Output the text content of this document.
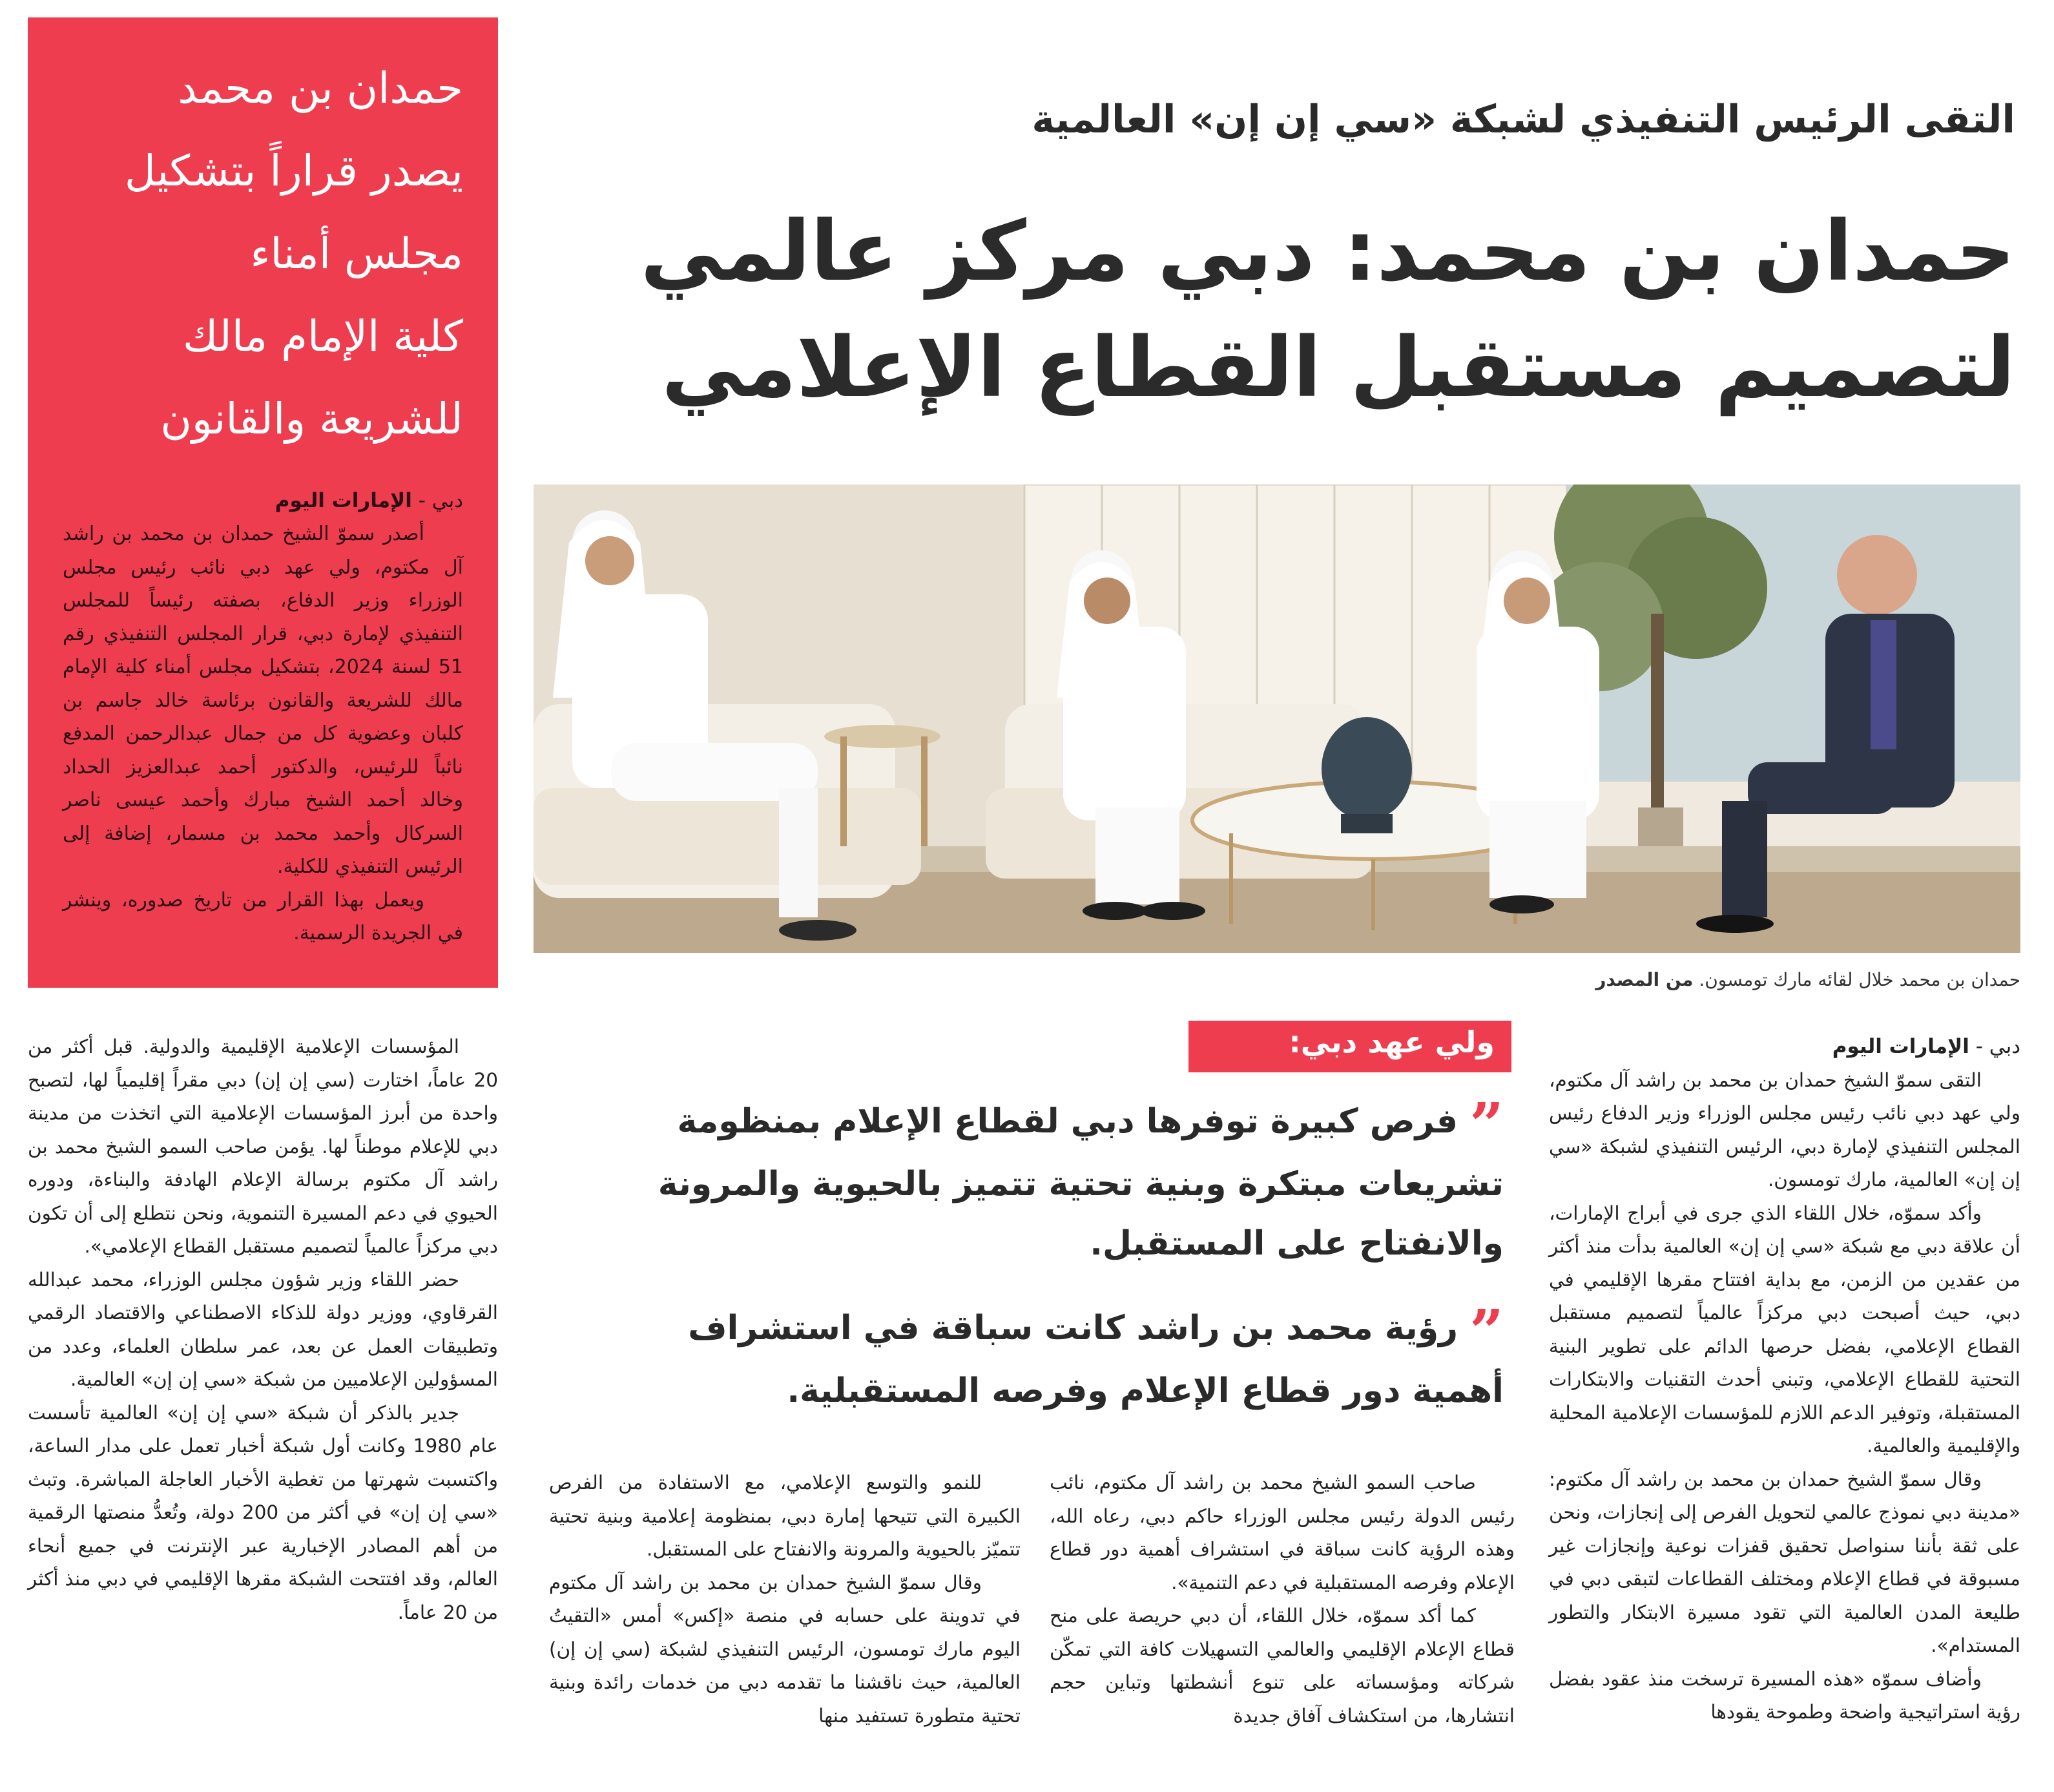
التقى الرئيس التنفيذي لشبكة «سي إن إن» العالمية
حمدان بن محمد: دبي مركز عالمي
لتصميم مستقبل القطاع الإعلامي
حمدان بن محمد
يصدر قراراً بتشكيل
مجلس أمناء
كلية الإمام مالك
للشريعة والقانون
دبي - الإمارات اليوم

أصدر سموّ الشيخ حمدان بن محمد بن راشد آل مكتوم، ولي عهد دبي نائب رئيس مجلس الوزراء وزير الدفاع، بصفته رئيساً للمجلس التنفيذي لإمارة دبي، قرار المجلس التنفيذي رقم 51 لسنة 2024، بتشكيل مجلس أمناء كلية الإمام مالك للشريعة والقانون برئاسة خالد جاسم بن كلبان وعضوية كل من جمال عبدالرحمن المدفع نائباً للرئيس، والدكتور أحمد عبدالعزيز الحداد وخالد أحمد الشيخ مبارك وأحمد عيسى ناصر السركال وأحمد محمد بن مسمار، إضافة إلى الرئيس التنفيذي للكلية.

ويعمل بهذا القرار من تاريخ صدوره، وينشر في الجريدة الرسمية.

حمدان بن محمد خلال لقائه مارك تومسون. من المصدر
ولي عهد دبي:
”فرص كبيرة توفرها دبي لقطاع الإعلام بمنظومة تشريعات مبتكرة وبنية تحتية تتميز بالحيوية والمرونة والانفتاح على المستقبل.
”رؤية محمد بن راشد كانت سباقة في استشراف أهمية دور قطاع الإعلام وفرصه المستقبلية.
دبي - الإمارات اليوم

التقى سموّ الشيخ حمدان بن محمد بن راشد آل مكتوم، ولي عهد دبي نائب رئيس مجلس الوزراء وزير الدفاع رئيس المجلس التنفيذي لإمارة دبي، الرئيس التنفيذي لشبكة «سي إن إن» العالمية، مارك تومسون.

وأكد سموّه، خلال اللقاء الذي جرى في أبراج الإمارات، أن علاقة دبي مع شبكة «سي إن إن» العالمية بدأت منذ أكثر من عقدين من الزمن، مع بداية افتتاح مقرها الإقليمي في دبي، حيث أصبحت دبي مركزاً عالمياً لتصميم مستقبل القطاع الإعلامي، بفضل حرصها الدائم على تطوير البنية التحتية للقطاع الإعلامي، وتبني أحدث التقنيات والابتكارات المستقبلة، وتوفير الدعم اللازم للمؤسسات الإعلامية المحلية والإقليمية والعالمية.

وقال سموّ الشيخ حمدان بن محمد بن راشد آل مكتوم: «مدينة دبي نموذج عالمي لتحويل الفرص إلى إنجازات، ونحن على ثقة بأننا سنواصل تحقيق قفزات نوعية وإنجازات غير مسبوقة في قطاع الإعلام ومختلف القطاعات لتبقى دبي في طليعة المدن العالمية التي تقود مسيرة الابتكار والتطور المستدام».

وأضاف سموّه «هذه المسيرة ترسخت منذ عقود بفضل رؤية استراتيجية واضحة وطموحة يقودها

صاحب السمو الشيخ محمد بن راشد آل مكتوم، نائب رئيس الدولة رئيس مجلس الوزراء حاكم دبي، رعاه الله، وهذه الرؤية كانت سباقة في استشراف أهمية دور قطاع الإعلام وفرصه المستقبلية في دعم التنمية».

كما أكد سموّه، خلال اللقاء، أن دبي حريصة على منح قطاع الإعلام الإقليمي والعالمي التسهيلات كافة التي تمكّن شركاته ومؤسساته على تنوع أنشطتها وتباين حجم انتشارها، من استكشاف آفاق جديدة

للنمو والتوسع الإعلامي، مع الاستفادة من الفرص الكبيرة التي تتيحها إمارة دبي، بمنظومة إعلامية وبنية تحتية تتميّز بالحيوية والمرونة والانفتاح على المستقبل.

وقال سموّ الشيخ حمدان بن محمد بن راشد آل مكتوم في تدوينة على حسابه في منصة «إكس» أمس «التقيتُ اليوم مارك تومسون، الرئيس التنفيذي لشبكة (سي إن إن) العالمية، حيث ناقشنا ما تقدمه دبي من خدمات رائدة وبنية تحتية متطورة تستفيد منها

المؤسسات الإعلامية الإقليمية والدولية. قبل أكثر من 20 عاماً، اختارت (سي إن إن) دبي مقراً إقليمياً لها، لتصبح واحدة من أبرز المؤسسات الإعلامية التي اتخذت من مدينة دبي للإعلام موطناً لها. يؤمن صاحب السمو الشيخ محمد بن راشد آل مكتوم برسالة الإعلام الهادفة والبناءة، ودوره الحيوي في دعم المسيرة التنموية، ونحن نتطلع إلى أن تكون دبي مركزاً عالمياً لتصميم مستقبل القطاع الإعلامي».

حضر اللقاء وزير شؤون مجلس الوزراء، محمد عبدالله القرقاوي، ووزير دولة للذكاء الاصطناعي والاقتصاد الرقمي وتطبيقات العمل عن بعد، عمر سلطان العلماء، وعدد من المسؤولين الإعلاميين من شبكة «سي إن إن» العالمية.

جدير بالذكر أن شبكة «سي إن إن» العالمية تأسست عام 1980 وكانت أول شبكة أخبار تعمل على مدار الساعة، واكتسبت شهرتها من تغطية الأخبار العاجلة المباشرة. وتبث «سي إن إن» في أكثر من 200 دولة، وتُعدُّ منصتها الرقمية من أهم المصادر الإخبارية عبر الإنترنت في جميع أنحاء العالم، وقد افتتحت الشبكة مقرها الإقليمي في دبي منذ أكثر من 20 عاماً.
